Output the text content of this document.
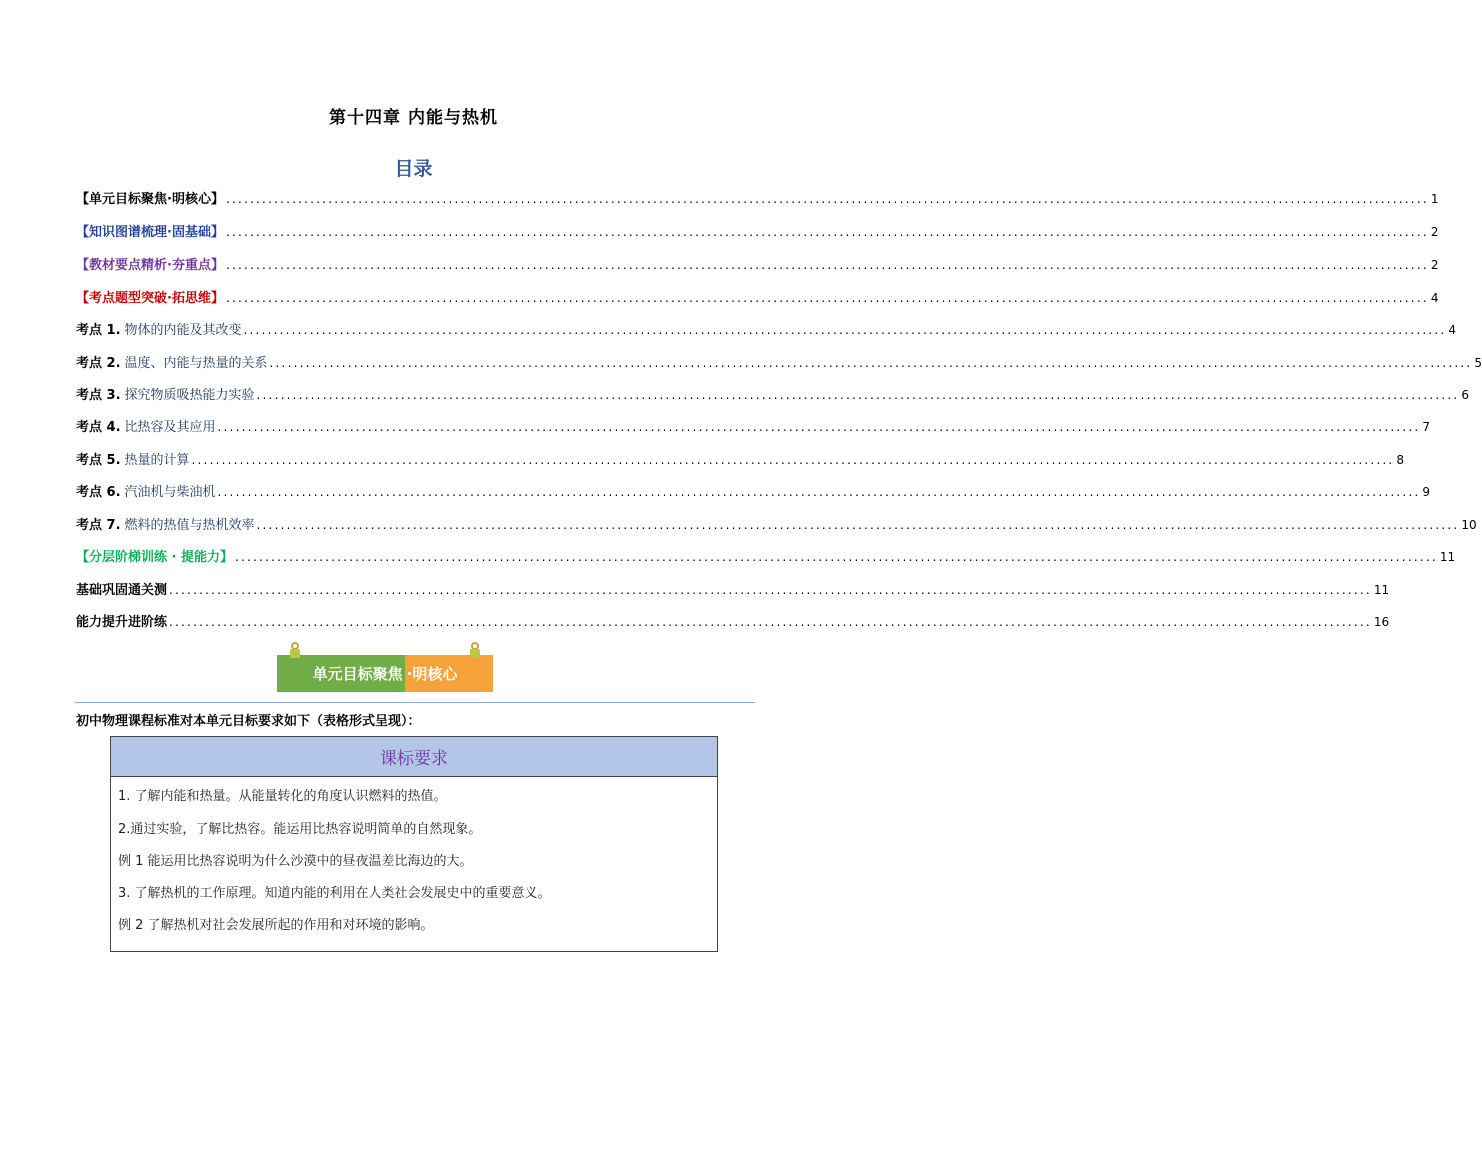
第十四章 内能与热机
目录
【单元目标聚焦·明核心】 ........................................................................................................................................................................................................ 1
【知识图谱梳理·固基础】 ........................................................................................................................................................................................................ 2
【教材要点精析·夯重点】 ........................................................................................................................................................................................................ 2
【考点题型突破·拓思维】 ........................................................................................................................................................................................................ 4
考点 1. 物体的内能及其改变 ........................................................................................................................................................................................................ 4
考点 2. 温度、内能与热量的关系 ........................................................................................................................................................................................................ 5
考点 3. 探究物质吸热能力实验 ........................................................................................................................................................................................................ 6
考点 4. 比热容及其应用 ........................................................................................................................................................................................................ 7
考点 5. 热量的计算 ........................................................................................................................................................................................................ 8
考点 6. 汽油机与柴油机 ........................................................................................................................................................................................................ 9
考点 7. 燃料的热值与热机效率 ........................................................................................................................................................................................................ 10
【分层阶梯训练 · 提能力】 ........................................................................................................................................................................................................ 11
基础巩固通关测 ........................................................................................................................................................................................................ 11
能力提升进阶练 ........................................................................................................................................................................................................ 16
单元目标聚焦 ·明核心
初中物理课程标准对本单元目标要求如下（表格形式呈现）：
课标要求
1. 了解内能和热量。从能量转化的角度认识燃料的热值。
2.通过实验，了解比热容。能运用比热容说明简单的自然现象。
例 1 能运用比热容说明为什么沙漠中的昼夜温差比海边的大。
3. 了解热机的工作原理。知道内能的利用在人类社会发展史中的重要意义。
例 2 了解热机对社会发展所起的作用和对环境的影响。
